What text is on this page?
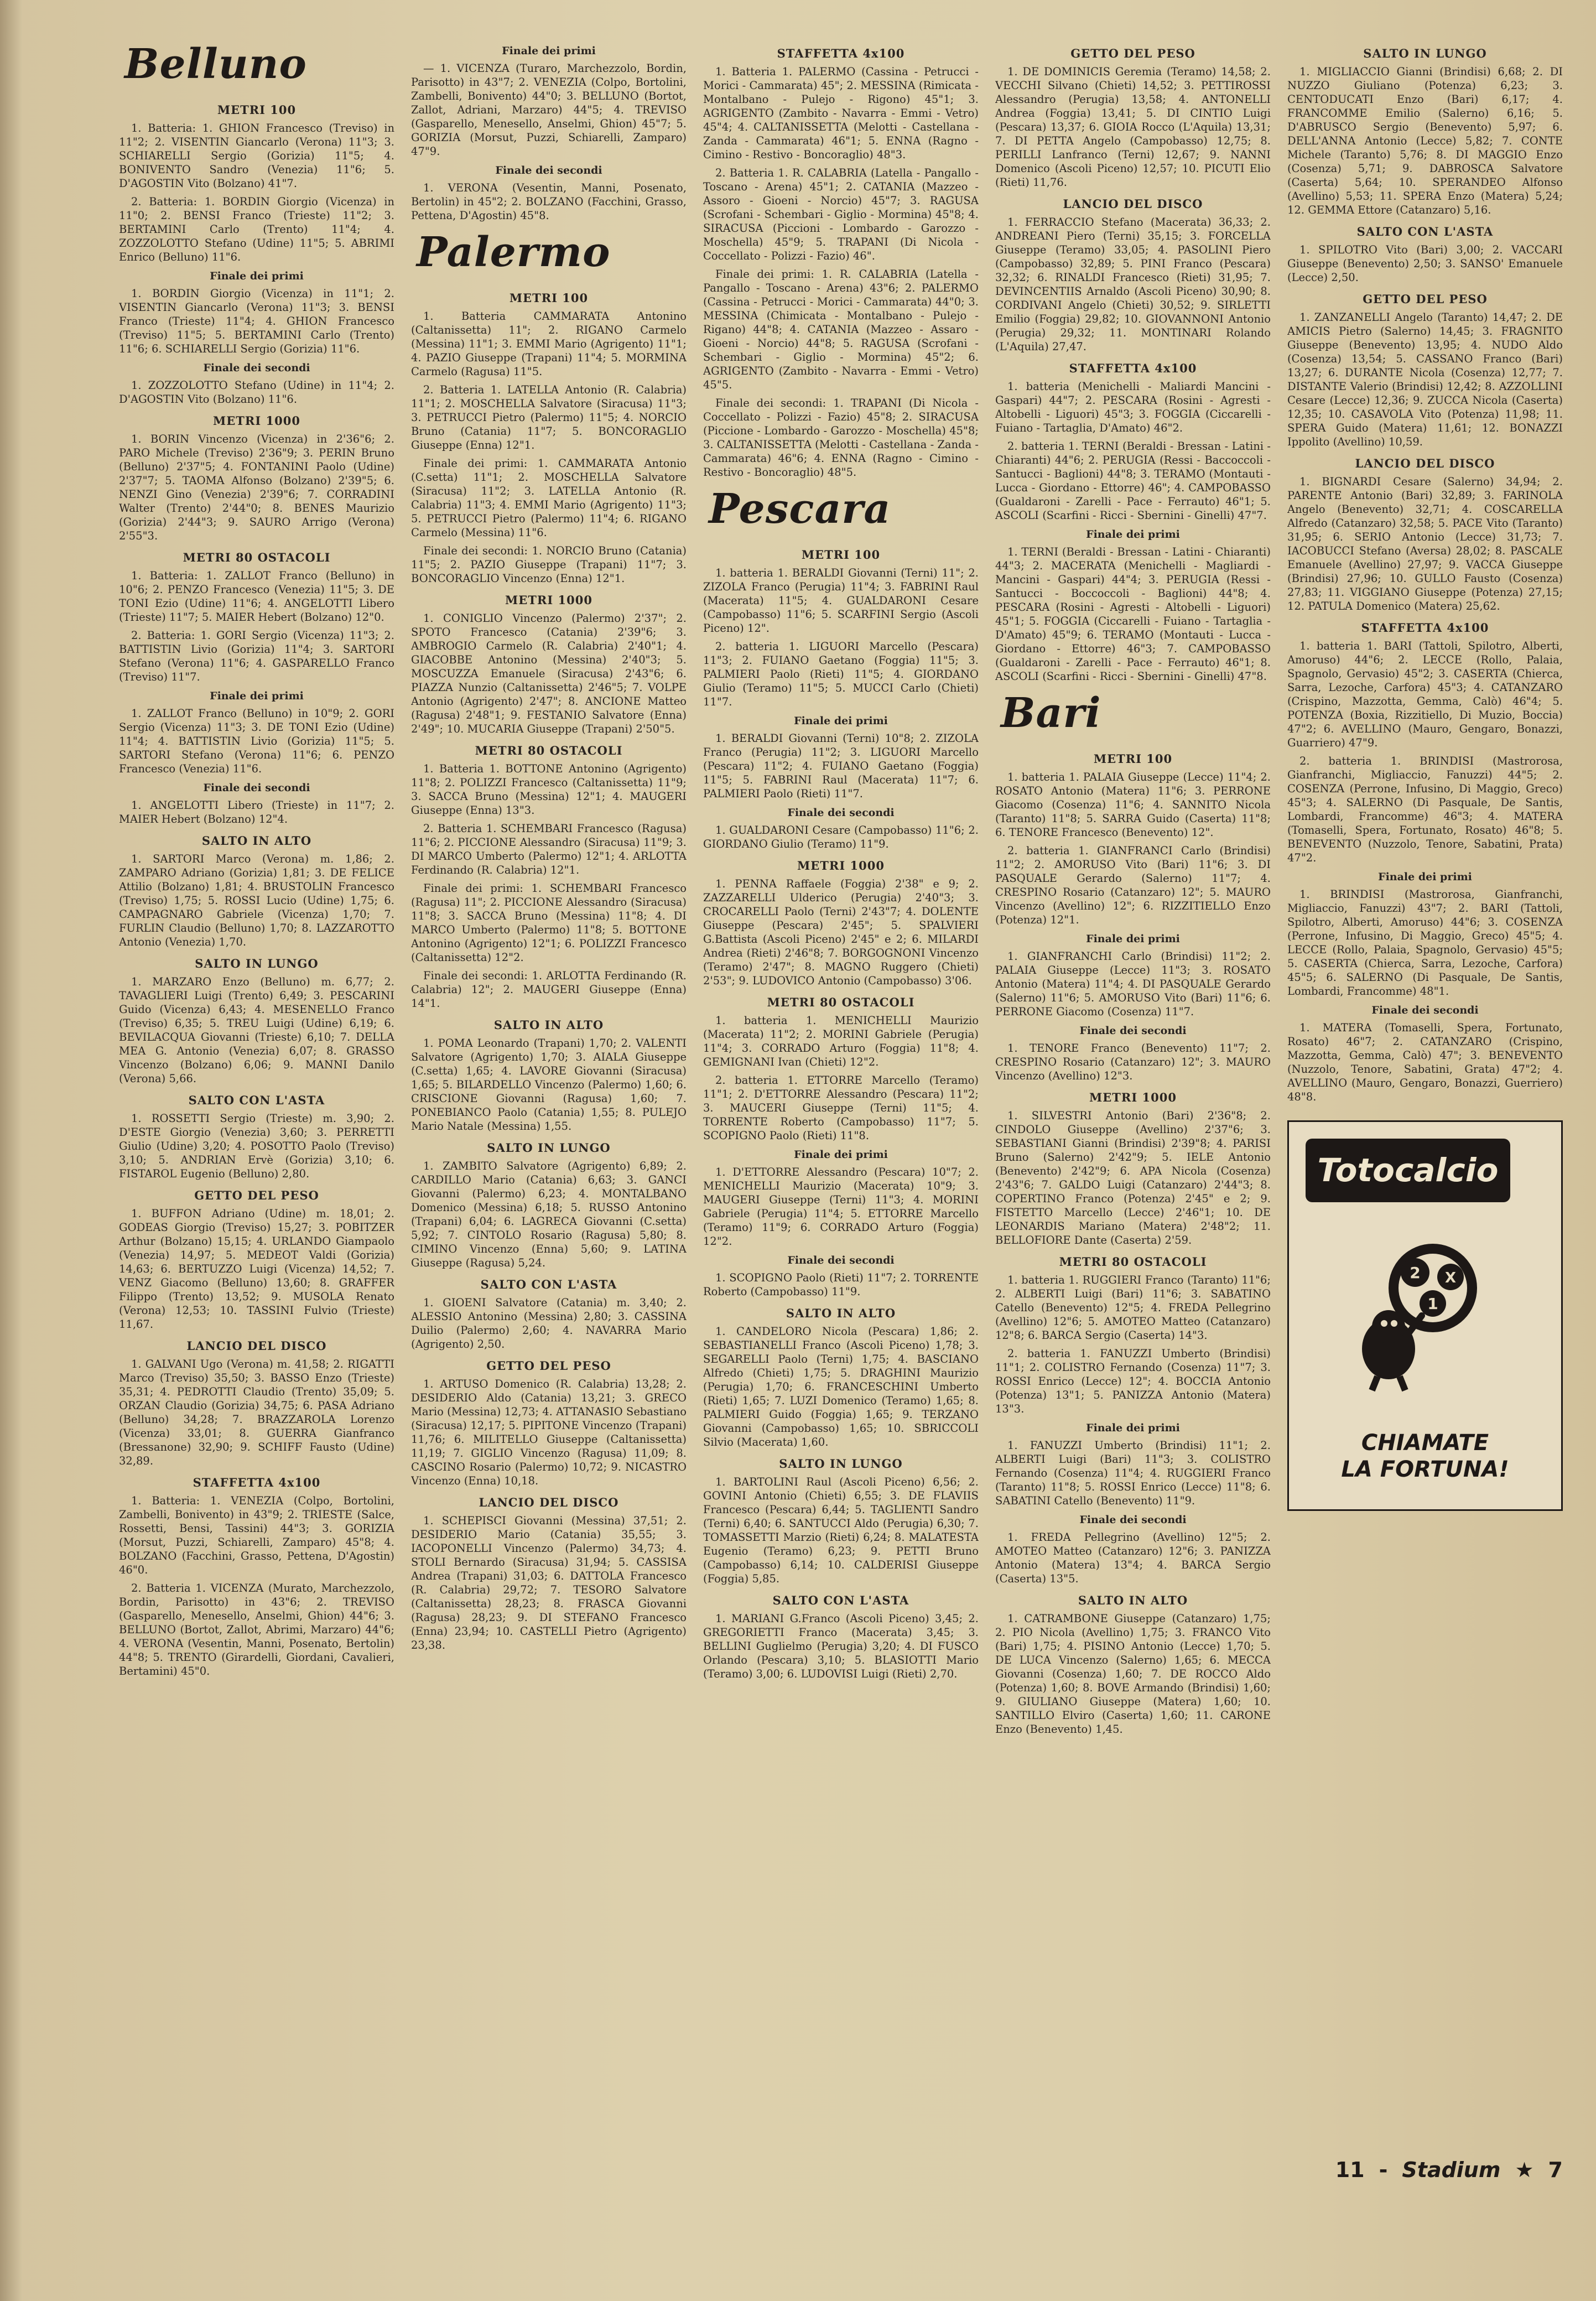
Belluno
METRI 100
1. Batteria: 1. GHION Francesco (Treviso) in 11"2; 2. VISENTIN Giancarlo (Verona) 11"3; 3. SCHIARELLI Sergio (Gorizia) 11"5; 4. BONIVENTO Sandro (Venezia) 11"6; 5. D'AGOSTIN Vito (Bolzano) 41"7.
2. Batteria: 1. BORDIN Giorgio (Vicenza) in 11"0; 2. BENSI Franco (Trieste) 11"2; 3. BERTAMINI Carlo (Trento) 11"4; 4. ZOZZOLOTTO Stefano (Udine) 11"5; 5. ABRIMI Enrico (Belluno) 11"6.
Finale dei primi
1. BORDIN Giorgio (Vicenza) in 11"1; 2. VISENTIN Giancarlo (Verona) 11"3; 3. BENSI Franco (Trieste) 11"4; 4. GHION Francesco (Treviso) 11"5; 5. BERTAMINI Carlo (Trento) 11"6; 6. SCHIARELLI Sergio (Gorizia) 11"6.
Finale dei secondi
1. ZOZZOLOTTO Stefano (Udine) in 11"4; 2. D'AGOSTIN Vito (Bolzano) 11"6.
METRI 1000
1. BORIN Vincenzo (Vicenza) in 2'36"6; 2. PARO Michele (Treviso) 2'36"9; 3. PERIN Bruno (Belluno) 2'37"5; 4. FONTANINI Paolo (Udine) 2'37"7; 5. TAOMA Alfonso (Bolzano) 2'39"5; 6. NENZI Gino (Venezia) 2'39"6; 7. CORRADINI Walter (Trento) 2'44"0; 8. BENES Maurizio (Gorizia) 2'44"3; 9. SAURO Arrigo (Verona) 2'55"3.
METRI 80 OSTACOLI
1. Batteria: 1. ZALLOT Franco (Belluno) in 10"6; 2. PENZO Francesco (Venezia) 11"5; 3. DE TONI Ezio (Udine) 11"6; 4. ANGELOTTI Libero (Trieste) 11"7; 5. MAIER Hebert (Bolzano) 12"0.
2. Batteria: 1. GORI Sergio (Vicenza) 11"3; 2. BATTISTIN Livio (Gorizia) 11"4; 3. SARTORI Stefano (Verona) 11"6; 4. GASPARELLO Franco (Treviso) 11"7.
Finale dei primi
1. ZALLOT Franco (Belluno) in 10"9; 2. GORI Sergio (Vicenza) 11"3; 3. DE TONI Ezio (Udine) 11"4; 4. BATTISTIN Livio (Gorizia) 11"5; 5. SARTORI Stefano (Verona) 11"6; 6. PENZO Francesco (Venezia) 11"6.
Finale dei secondi
1. ANGELOTTI Libero (Trieste) in 11"7; 2. MAIER Hebert (Bolzano) 12"4.
SALTO IN ALTO
1. SARTORI Marco (Verona) m. 1,86; 2. ZAMPARO Adriano (Gorizia) 1,81; 3. DE FELICE Attilio (Bolzano) 1,81; 4. BRUSTOLIN Francesco (Treviso) 1,75; 5. ROSSI Lucio (Udine) 1,75; 6. CAMPAGNARO Gabriele (Vicenza) 1,70; 7. FURLIN Claudio (Belluno) 1,70; 8. LAZZAROTTO Antonio (Venezia) 1,70.
SALTO IN LUNGO
1. MARZARO Enzo (Belluno) m. 6,77; 2. TAVAGLIERI Luigi (Trento) 6,49; 3. PESCARINI Guido (Vicenza) 6,43; 4. MESENELLO Franco (Treviso) 6,35; 5. TREU Luigi (Udine) 6,19; 6. BEVILACQUA Giovanni (Trieste) 6,10; 7. DELLA MEA G. Antonio (Venezia) 6,07; 8. GRASSO Vincenzo (Bolzano) 6,06; 9. MANNI Danilo (Verona) 5,66.
SALTO CON L'ASTA
1. ROSSETTI Sergio (Trieste) m. 3,90; 2. D'ESTE Giorgio (Venezia) 3,60; 3. PERRETTI Giulio (Udine) 3,20; 4. POSOTTO Paolo (Treviso) 3,10; 5. ANDRIAN Ervè (Gorizia) 3,10; 6. FISTAROL Eugenio (Belluno) 2,80.
GETTO DEL PESO
1. BUFFON Adriano (Udine) m. 18,01; 2. GODEAS Giorgio (Treviso) 15,27; 3. POBITZER Arthur (Bolzano) 15,15; 4. URLANDO Giampaolo (Venezia) 14,97; 5. MEDEOT Valdi (Gorizia) 14,63; 6. BERTUZZO Luigi (Vicenza) 14,52; 7. VENZ Giacomo (Belluno) 13,60; 8. GRAFFER Filippo (Trento) 13,52; 9. MUSOLA Renato (Verona) 12,53; 10. TASSINI Fulvio (Trieste) 11,67.
LANCIO DEL DISCO
1. GALVANI Ugo (Verona) m. 41,58; 2. RIGATTI Marco (Treviso) 35,50; 3. BASSO Enzo (Trieste) 35,31; 4. PEDROTTI Claudio (Trento) 35,09; 5. ORZAN Claudio (Gorizia) 34,75; 6. PASA Adriano (Belluno) 34,28; 7. BRAZZAROLA Lorenzo (Vicenza) 33,01; 8. GUERRA Gianfranco (Bressanone) 32,90; 9. SCHIFF Fausto (Udine) 32,89.
STAFFETTA 4x100
1. Batteria: 1. VENEZIA (Colpo, Bortolini, Zambelli, Bonivento) in 43"9; 2. TRIESTE (Salce, Rossetti, Bensi, Tassini) 44"3; 3. GORIZIA (Morsut, Puzzi, Schiarelli, Zamparo) 45"8; 4. BOLZANO (Facchini, Grasso, Pettena, D'Agostin) 46"0.
2. Batteria 1. VICENZA (Murato, Marchezzolo, Bordin, Parisotto) in 43"6; 2. TREVISO (Gasparello, Menesello, Anselmi, Ghion) 44"6; 3. BELLUNO (Bortot, Zallot, Abrimi, Marzaro) 44"6; 4. VERONA (Vesentin, Manni, Posenato, Bertolin) 44"8; 5. TRENTO (Girardelli, Giordani, Cavalieri, Bertamini) 45"0.
Finale dei primi
— 1. VICENZA (Turaro, Marchezzolo, Bordin, Parisotto) in 43"7; 2. VENEZIA (Colpo, Bortolini, Zambelli, Bonivento) 44"0; 3. BELLUNO (Bortot, Zallot, Adriani, Marzaro) 44"5; 4. TREVISO (Gasparello, Menesello, Anselmi, Ghion) 45"7; 5. GORIZIA (Morsut, Puzzi, Schiarelli, Zamparo) 47"9.
Finale dei secondi
1. VERONA (Vesentin, Manni, Posenato, Bertolin) in 45"2; 2. BOLZANO (Facchini, Grasso, Pettena, D'Agostin) 45"8.
Palermo
METRI 100
1. Batteria CAMMARATA Antonino (Caltanissetta) 11"; 2. RIGANO Carmelo (Messina) 11"1; 3. EMMI Mario (Agrigento) 11"1; 4. PAZIO Giuseppe (Trapani) 11"4; 5. MORMINA Carmelo (Ragusa) 11"5.
2. Batteria 1. LATELLA Antonio (R. Calabria) 11"1; 2. MOSCHELLA Salvatore (Siracusa) 11"3; 3. PETRUCCI Pietro (Palermo) 11"5; 4. NORCIO Bruno (Catania) 11"7; 5. BONCORAGLIO Giuseppe (Enna) 12"1.
Finale dei primi: 1. CAMMARATA Antonio (C.setta) 11"1; 2. MOSCHELLA Salvatore (Siracusa) 11"2; 3. LATELLA Antonio (R. Calabria) 11"3; 4. EMMI Mario (Agrigento) 11"3; 5. PETRUCCI Pietro (Palermo) 11"4; 6. RIGANO Carmelo (Messina) 11"6.
Finale dei secondi: 1. NORCIO Bruno (Catania) 11"5; 2. PAZIO Giuseppe (Trapani) 11"7; 3. BONCORAGLIO Vincenzo (Enna) 12"1.
METRI 1000
1. CONIGLIO Vincenzo (Palermo) 2'37"; 2. SPOTO Francesco (Catania) 2'39"6; 3. AMBROGIO Carmelo (R. Calabria) 2'40"1; 4. GIACOBBE Antonino (Messina) 2'40"3; 5. MOSCUZZA Emanuele (Siracusa) 2'43"6; 6. PIAZZA Nunzio (Caltanissetta) 2'46"5; 7. VOLPE Antonio (Agrigento) 2'47"; 8. ANCIONE Matteo (Ragusa) 2'48"1; 9. FESTANIO Salvatore (Enna) 2'49"; 10. MUCARIA Giuseppe (Trapani) 2'50"5.
METRI 80 OSTACOLI
1. Batteria 1. BOTTONE Antonino (Agrigento) 11"8; 2. POLIZZI Francesco (Caltanissetta) 11"9; 3. SACCA Bruno (Messina) 12"1; 4. MAUGERI Giuseppe (Enna) 13"3.
2. Batteria 1. SCHEMBARI Francesco (Ragusa) 11"6; 2. PICCIONE Alessandro (Siracusa) 11"9; 3. DI MARCO Umberto (Palermo) 12"1; 4. ARLOTTA Ferdinando (R. Calabria) 12"1.
Finale dei primi: 1. SCHEMBARI Francesco (Ragusa) 11"; 2. PICCIONE Alessandro (Siracusa) 11"8; 3. SACCA Bruno (Messina) 11"8; 4. DI MARCO Umberto (Palermo) 11"8; 5. BOTTONE Antonino (Agrigento) 12"1; 6. POLIZZI Francesco (Caltanissetta) 12"2.
Finale dei secondi: 1. ARLOTTA Ferdinando (R. Calabria) 12"; 2. MAUGERI Giuseppe (Enna) 14"1.
SALTO IN ALTO
1. POMA Leonardo (Trapani) 1,70; 2. VALENTI Salvatore (Agrigento) 1,70; 3. AIALA Giuseppe (C.setta) 1,65; 4. LAVORE Giovanni (Siracusa) 1,65; 5. BILARDELLO Vincenzo (Palermo) 1,60; 6. CRISCIONE Giovanni (Ragusa) 1,60; 7. PONEBIANCO Paolo (Catania) 1,55; 8. PULEJO Mario Natale (Messina) 1,55.
SALTO IN LUNGO
1. ZAMBITO Salvatore (Agrigento) 6,89; 2. CARDILLO Mario (Catania) 6,63; 3. GANCI Giovanni (Palermo) 6,23; 4. MONTALBANO Domenico (Messina) 6,18; 5. RUSSO Antonino (Trapani) 6,04; 6. LAGRECA Giovanni (C.setta) 5,92; 7. CINTOLO Rosario (Ragusa) 5,80; 8. CIMINO Vincenzo (Enna) 5,60; 9. LATINA Giuseppe (Ragusa) 5,24.
SALTO CON L'ASTA
1. GIOENI Salvatore (Catania) m. 3,40; 2. ALESSIO Antonino (Messina) 2,80; 3. CASSINA Duilio (Palermo) 2,60; 4. NAVARRA Mario (Agrigento) 2,50.
GETTO DEL PESO
1. ARTUSO Domenico (R. Calabria) 13,28; 2. DESIDERIO Aldo (Catania) 13,21; 3. GRECO Mario (Messina) 12,73; 4. ATTANASIO Sebastiano (Siracusa) 12,17; 5. PIPITONE Vincenzo (Trapani) 11,76; 6. MILITELLO Giuseppe (Caltanissetta) 11,19; 7. GIGLIO Vincenzo (Ragusa) 11,09; 8. CASCINO Rosario (Palermo) 10,72; 9. NICASTRO Vincenzo (Enna) 10,18.
LANCIO DEL DISCO
1. SCHEPISCI Giovanni (Messina) 37,51; 2. DESIDERIO Mario (Catania) 35,55; 3. IACOPONELLI Vincenzo (Palermo) 34,73; 4. STOLI Bernardo (Siracusa) 31,94; 5. CASSISA Andrea (Trapani) 31,03; 6. DATTOLA Francesco (R. Calabria) 29,72; 7. TESORO Salvatore (Caltanissetta) 28,23; 8. FRASCA Giovanni (Ragusa) 28,23; 9. DI STEFANO Francesco (Enna) 23,94; 10. CASTELLI Pietro (Agrigento) 23,38.
STAFFETTA 4x100
1. Batteria 1. PALERMO (Cassina - Petrucci - Morici - Cammarata) 45"; 2. MESSINA (Rimicata - Montalbano - Pulejo - Rigono) 45"1; 3. AGRIGENTO (Zambito - Navarra - Emmi - Vetro) 45"4; 4. CALTANISSETTA (Melotti - Castellana - Zanda - Cammarata) 46"1; 5. ENNA (Ragno - Cimino - Restivo - Boncoraglio) 48"3.
2. Batteria 1. R. CALABRIA (Latella - Pangallo - Toscano - Arena) 45"1; 2. CATANIA (Mazzeo - Assoro - Gioeni - Norcio) 45"7; 3. RAGUSA (Scrofani - Schembari - Giglio - Mormina) 45"8; 4. SIRACUSA (Piccioni - Lombardo - Garozzo - Moschella) 45"9; 5. TRAPANI (Di Nicola - Coccellato - Polizzi - Fazio) 46".
Finale dei primi: 1. R. CALABRIA (Latella - Pangallo - Toscano - Arena) 43"6; 2. PALERMO (Cassina - Petrucci - Morici - Cammarata) 44"0; 3. MESSINA (Chimicata - Montalbano - Pulejo - Rigano) 44"8; 4. CATANIA (Mazzeo - Assaro - Gioeni - Norcio) 44"8; 5. RAGUSA (Scrofani - Schembari - Giglio - Mormina) 45"2; 6. AGRIGENTO (Zambito - Navarra - Emmi - Vetro) 45"5.
Finale dei secondi: 1. TRAPANI (Di Nicola - Coccellato - Polizzi - Fazio) 45"8; 2. SIRACUSA (Piccione - Lombardo - Garozzo - Moschella) 45"8; 3. CALTANISSETTA (Melotti - Castellana - Zanda - Cammarata) 46"6; 4. ENNA (Ragno - Cimino - Restivo - Boncoraglio) 48"5.
Pescara
METRI 100
1. batteria 1. BERALDI Giovanni (Terni) 11"; 2. ZIZOLA Franco (Perugia) 11"4; 3. FABRINI Raul (Macerata) 11"5; 4. GUALDARONI Cesare (Campobasso) 11"6; 5. SCARFINI Sergio (Ascoli Piceno) 12".
2. batteria 1. LIGUORI Marcello (Pescara) 11"3; 2. FUIANO Gaetano (Foggia) 11"5; 3. PALMIERI Paolo (Rieti) 11"5; 4. GIORDANO Giulio (Teramo) 11"5; 5. MUCCI Carlo (Chieti) 11"7.
Finale dei primi
1. BERALDI Giovanni (Terni) 10"8; 2. ZIZOLA Franco (Perugia) 11"2; 3. LIGUORI Marcello (Pescara) 11"2; 4. FUIANO Gaetano (Foggia) 11"5; 5. FABRINI Raul (Macerata) 11"7; 6. PALMIERI Paolo (Rieti) 11"7.
Finale dei secondi
1. GUALDARONI Cesare (Campobasso) 11"6; 2. GIORDANO Giulio (Teramo) 11"9.
METRI 1000
1. PENNA Raffaele (Foggia) 2'38" e 9; 2. ZAZZARELLI Ulderico (Perugia) 2'40"3; 3. CROCARELLI Paolo (Terni) 2'43"7; 4. DOLENTE Giuseppe (Pescara) 2'45"; 5. SPALVIERI G.Battista (Ascoli Piceno) 2'45" e 2; 6. MILARDI Andrea (Rieti) 2'46"8; 7. BORGOGNONI Vincenzo (Teramo) 2'47"; 8. MAGNO Ruggero (Chieti) 2'53"; 9. LUDOVICO Antonio (Campobasso) 3'06.
METRI 80 OSTACOLI
1. batteria 1. MENICHELLI Maurizio (Macerata) 11"2; 2. MORINI Gabriele (Perugia) 11"4; 3. CORRADO Arturo (Foggia) 11"8; 4. GEMIGNANI Ivan (Chieti) 12"2.
2. batteria 1. ETTORRE Marcello (Teramo) 11"1; 2. D'ETTORRE Alessandro (Pescara) 11"2; 3. MAUCERI Giuseppe (Terni) 11"5; 4. TORRENTE Roberto (Campobasso) 11"7; 5. SCOPIGNO Paolo (Rieti) 11"8.
Finale dei primi
1. D'ETTORRE Alessandro (Pescara) 10"7; 2. MENICHELLI Maurizio (Macerata) 10"9; 3. MAUGERI Giuseppe (Terni) 11"3; 4. MORINI Gabriele (Perugia) 11"4; 5. ETTORRE Marcello (Teramo) 11"9; 6. CORRADO Arturo (Foggia) 12"2.
Finale dei secondi
1. SCOPIGNO Paolo (Rieti) 11"7; 2. TORRENTE Roberto (Campobasso) 11"9.
SALTO IN ALTO
1. CANDELORO Nicola (Pescara) 1,86; 2. SEBASTIANELLI Franco (Ascoli Piceno) 1,78; 3. SEGARELLI Paolo (Terni) 1,75; 4. BASCIANO Alfredo (Chieti) 1,75; 5. DRAGHINI Maurizio (Perugia) 1,70; 6. FRANCESCHINI Umberto (Rieti) 1,65; 7. LUZI Domenico (Teramo) 1,65; 8. PALMIERI Guido (Foggia) 1,65; 9. TERZANO Giovanni (Campobasso) 1,65; 10. SBRICCOLI Silvio (Macerata) 1,60.
SALTO IN LUNGO
1. BARTOLINI Raul (Ascoli Piceno) 6,56; 2. GOVINI Antonio (Chieti) 6,55; 3. DE FLAVIIS Francesco (Pescara) 6,44; 5. TAGLIENTI Sandro (Terni) 6,40; 6. SANTUCCI Aldo (Perugia) 6,30; 7. TOMASSETTI Marzio (Rieti) 6,24; 8. MALATESTA Eugenio (Teramo) 6,23; 9. PETTI Bruno (Campobasso) 6,14; 10. CALDERISI Giuseppe (Foggia) 5,85.
SALTO CON L'ASTA
1. MARIANI G.Franco (Ascoli Piceno) 3,45; 2. GREGORIETTI Franco (Macerata) 3,45; 3. BELLINI Guglielmo (Perugia) 3,20; 4. DI FUSCO Orlando (Pescara) 3,10; 5. BLASIOTTI Mario (Teramo) 3,00; 6. LUDOVISI Luigi (Rieti) 2,70.
GETTO DEL PESO
1. DE DOMINICIS Geremia (Teramo) 14,58; 2. VECCHI Silvano (Chieti) 14,52; 3. PETTIROSSI Alessandro (Perugia) 13,58; 4. ANTONELLI Andrea (Foggia) 13,41; 5. DI CINTIO Luigi (Pescara) 13,37; 6. GIOIA Rocco (L'Aquila) 13,31; 7. DI PETTA Angelo (Campobasso) 12,75; 8. PERILLI Lanfranco (Terni) 12,67; 9. NANNI Domenico (Ascoli Piceno) 12,57; 10. PICUTI Elio (Rieti) 11,76.
LANCIO DEL DISCO
1. FERRACCIO Stefano (Macerata) 36,33; 2. ANDREANI Piero (Terni) 35,15; 3. FORCELLA Giuseppe (Teramo) 33,05; 4. PASOLINI Piero (Campobasso) 32,89; 5. PINI Franco (Pescara) 32,32; 6. RINALDI Francesco (Rieti) 31,95; 7. DEVINCENTIIS Arnaldo (Ascoli Piceno) 30,90; 8. CORDIVANI Angelo (Chieti) 30,52; 9. SIRLETTI Emilio (Foggia) 29,82; 10. GIOVANNONI Antonio (Perugia) 29,32; 11. MONTINARI Rolando (L'Aquila) 27,47.
STAFFETTA 4x100
1. batteria (Menichelli - Maliardi Mancini - Gaspari) 44"7; 2. PESCARA (Rosini - Agresti - Altobelli - Liguori) 45"3; 3. FOGGIA (Ciccarelli - Fuiano - Tartaglia, D'Amato) 46"2.
2. batteria 1. TERNI (Beraldi - Bressan - Latini - Chiaranti) 44"6; 2. PERUGIA (Ressi - Baccoccoli - Santucci - Baglioni) 44"8; 3. TERAMO (Montauti - Lucca - Giordano - Ettorre) 46"; 4. CAMPOBASSO (Gualdaroni - Zarelli - Pace - Ferrauto) 46"1; 5. ASCOLI (Scarfini - Ricci - Sbernini - Ginelli) 47"7.
Finale dei primi
1. TERNI (Beraldi - Bressan - Latini - Chiaranti) 44"3; 2. MACERATA (Menichelli - Magliardi - Mancini - Gaspari) 44"4; 3. PERUGIA (Ressi - Santucci - Boccoccoli - Baglioni) 44"8; 4. PESCARA (Rosini - Agresti - Altobelli - Liguori) 45"1; 5. FOGGIA (Ciccarelli - Fuiano - Tartaglia - D'Amato) 45"9; 6. TERAMO (Montauti - Lucca - Giordano - Ettorre) 46"3; 7. CAMPOBASSO (Gualdaroni - Zarelli - Pace - Ferrauto) 46"1; 8. ASCOLI (Scarfini - Ricci - Sbernini - Ginelli) 47"8.
Bari
METRI 100
1. batteria 1. PALAIA Giuseppe (Lecce) 11"4; 2. ROSATO Antonio (Matera) 11"6; 3. PERRONE Giacomo (Cosenza) 11"6; 4. SANNITO Nicola (Taranto) 11"8; 5. SARRA Guido (Caserta) 11"8; 6. TENORE Francesco (Benevento) 12".
2. batteria 1. GIANFRANCI Carlo (Brindisi) 11"2; 2. AMORUSO Vito (Bari) 11"6; 3. DI PASQUALE Gerardo (Salerno) 11"7; 4. CRESPINO Rosario (Catanzaro) 12"; 5. MAURO Vincenzo (Avellino) 12"; 6. RIZZITIELLO Enzo (Potenza) 12"1.
Finale dei primi
1. GIANFRANCHI Carlo (Brindisi) 11"2; 2. PALAIA Giuseppe (Lecce) 11"3; 3. ROSATO Antonio (Matera) 11"4; 4. DI PASQUALE Gerardo (Salerno) 11"6; 5. AMORUSO Vito (Bari) 11"6; 6. PERRONE Giacomo (Cosenza) 11"7.
Finale dei secondi
1. TENORE Franco (Benevento) 11"7; 2. CRESPINO Rosario (Catanzaro) 12"; 3. MAURO Vincenzo (Avellino) 12"3.
METRI 1000
1. SILVESTRI Antonio (Bari) 2'36"8; 2. CINDOLO Giuseppe (Avellino) 2'37"6; 3. SEBASTIANI Gianni (Brindisi) 2'39"8; 4. PARISI Bruno (Salerno) 2'42"9; 5. IELE Antonio (Benevento) 2'42"9; 6. APA Nicola (Cosenza) 2'43"6; 7. GALDO Luigi (Catanzaro) 2'44"3; 8. COPERTINO Franco (Potenza) 2'45" e 2; 9. FISTETTO Marcello (Lecce) 2'46"1; 10. DE LEONARDIS Mariano (Matera) 2'48"2; 11. BELLOFIORE Dante (Caserta) 2'59.
METRI 80 OSTACOLI
1. batteria 1. RUGGIERI Franco (Taranto) 11"6; 2. ALBERTI Luigi (Bari) 11"6; 3. SABATINO Catello (Benevento) 12"5; 4. FREDA Pellegrino (Avellino) 12"6; 5. AMOTEO Matteo (Catanzaro) 12"8; 6. BARCA Sergio (Caserta) 14"3.
2. batteria 1. FANUZZI Umberto (Brindisi) 11"1; 2. COLISTRO Fernando (Cosenza) 11"7; 3. ROSSI Enrico (Lecce) 12"; 4. BOCCIA Antonio (Potenza) 13"1; 5. PANIZZA Antonio (Matera) 13"3.
Finale dei primi
1. FANUZZI Umberto (Brindisi) 11"1; 2. ALBERTI Luigi (Bari) 11"3; 3. COLISTRO Fernando (Cosenza) 11"4; 4. RUGGIERI Franco (Taranto) 11"8; 5. ROSSI Enrico (Lecce) 11"8; 6. SABATINI Catello (Benevento) 11"9.
Finale dei secondi
1. FREDA Pellegrino (Avellino) 12"5; 2. AMOTEO Matteo (Catanzaro) 12"6; 3. PANIZZA Antonio (Matera) 13"4; 4. BARCA Sergio (Caserta) 13"5.
SALTO IN ALTO
1. CATRAMBONE Giuseppe (Catanzaro) 1,75; 2. PIO Nicola (Avellino) 1,75; 3. FRANCO Vito (Bari) 1,75; 4. PISINO Antonio (Lecce) 1,70; 5. DE LUCA Vincenzo (Salerno) 1,65; 6. MECCA Giovanni (Cosenza) 1,60; 7. DE ROCCO Aldo (Potenza) 1,60; 8. BOVE Armando (Brindisi) 1,60; 9. GIULIANO Giuseppe (Matera) 1,60; 10. SANTILLO Elviro (Caserta) 1,60; 11. CARONE Enzo (Benevento) 1,45.
SALTO IN LUNGO
1. MIGLIACCIO Gianni (Brindisi) 6,68; 2. DI NUZZO Giuliano (Potenza) 6,23; 3. CENTODUCATI Enzo (Bari) 6,17; 4. FRANCOMME Emilio (Salerno) 6,16; 5. D'ABRUSCO Sergio (Benevento) 5,97; 6. DELL'ANNA Antonio (Lecce) 5,82; 7. CONTE Michele (Taranto) 5,76; 8. DI MAGGIO Enzo (Cosenza) 5,71; 9. DABROSCA Salvatore (Caserta) 5,64; 10. SPERANDEO Alfonso (Avellino) 5,53; 11. SPERA Enzo (Matera) 5,24; 12. GEMMA Ettore (Catanzaro) 5,16.
SALTO CON L'ASTA
1. SPILOTRO Vito (Bari) 3,00; 2. VACCARI Giuseppe (Benevento) 2,50; 3. SANSO' Emanuele (Lecce) 2,50.
GETTO DEL PESO
1. ZANZANELLI Angelo (Taranto) 14,47; 2. DE AMICIS Pietro (Salerno) 14,45; 3. FRAGNITO Giuseppe (Benevento) 13,95; 4. NUDO Aldo (Cosenza) 13,54; 5. CASSANO Franco (Bari) 13,27; 6. DURANTE Nicola (Cosenza) 12,77; 7. DISTANTE Valerio (Brindisi) 12,42; 8. AZZOLLINI Cesare (Lecce) 12,36; 9. ZUCCA Nicola (Caserta) 12,35; 10. CASAVOLA Vito (Potenza) 11,98; 11. SPERA Guido (Matera) 11,61; 12. BONAZZI Ippolito (Avellino) 10,59.
LANCIO DEL DISCO
1. BIGNARDI Cesare (Salerno) 34,94; 2. PARENTE Antonio (Bari) 32,89; 3. FARINOLA Angelo (Benevento) 32,71; 4. COSCARELLA Alfredo (Catanzaro) 32,58; 5. PACE Vito (Taranto) 31,95; 6. SERIO Antonio (Lecce) 31,73; 7. IACOBUCCI Stefano (Aversa) 28,02; 8. PASCALE Emanuele (Avellino) 27,97; 9. VACCA Giuseppe (Brindisi) 27,96; 10. GULLO Fausto (Cosenza) 27,83; 11. VIGGIANO Giuseppe (Potenza) 27,15; 12. PATULA Domenico (Matera) 25,62.
STAFFETTA 4x100
1. batteria 1. BARI (Tattoli, Spilotro, Alberti, Amoruso) 44"6; 2. LECCE (Rollo, Palaia, Spagnolo, Gervasio) 45"2; 3. CASERTA (Chierca, Sarra, Lezoche, Carfora) 45"3; 4. CATANZARO (Crispino, Mazzotta, Gemma, Calò) 46"4; 5. POTENZA (Boxia, Rizzitiello, Di Muzio, Boccia) 47"2; 6. AVELLINO (Mauro, Gengaro, Bonazzi, Guarriero) 47"9.
2. batteria 1. BRINDISI (Mastrorosa, Gianfranchi, Migliaccio, Fanuzzi) 44"5; 2. COSENZA (Perrone, Infusino, Di Maggio, Greco) 45"3; 4. SALERNO (Di Pasquale, De Santis, Lombardi, Francomme) 46"3; 4. MATERA (Tomaselli, Spera, Fortunato, Rosato) 46"8; 5. BENEVENTO (Nuzzolo, Tenore, Sabatini, Prata) 47"2.
Finale dei primi
1. BRINDISI (Mastrorosa, Gianfranchi, Migliaccio, Fanuzzi) 43"7; 2. BARI (Tattoli, Spilotro, Alberti, Amoruso) 44"6; 3. COSENZA (Perrone, Infusino, Di Maggio, Greco) 45"5; 4. LECCE (Rollo, Palaia, Spagnolo, Gervasio) 45"5; 5. CASERTA (Chierca, Sarra, Lezoche, Carfora) 45"5; 6. SALERNO (Di Pasquale, De Santis, Lombardi, Francomme) 48"1.
Finale dei secondi
1. MATERA (Tomaselli, Spera, Fortunato, Rosato) 46"7; 2. CATANZARO (Crispino, Mazzotta, Gemma, Calò) 47"; 3. BENEVENTO (Nuzzolo, Tenore, Sabatini, Grata) 47"2; 4. AVELLINO (Mauro, Gengaro, Bonazzi, Guerriero) 48"8.
Totocalcio
2 X
1
CHIAMATE
LA FORTUNA!
11 - Stadium ★ 7
